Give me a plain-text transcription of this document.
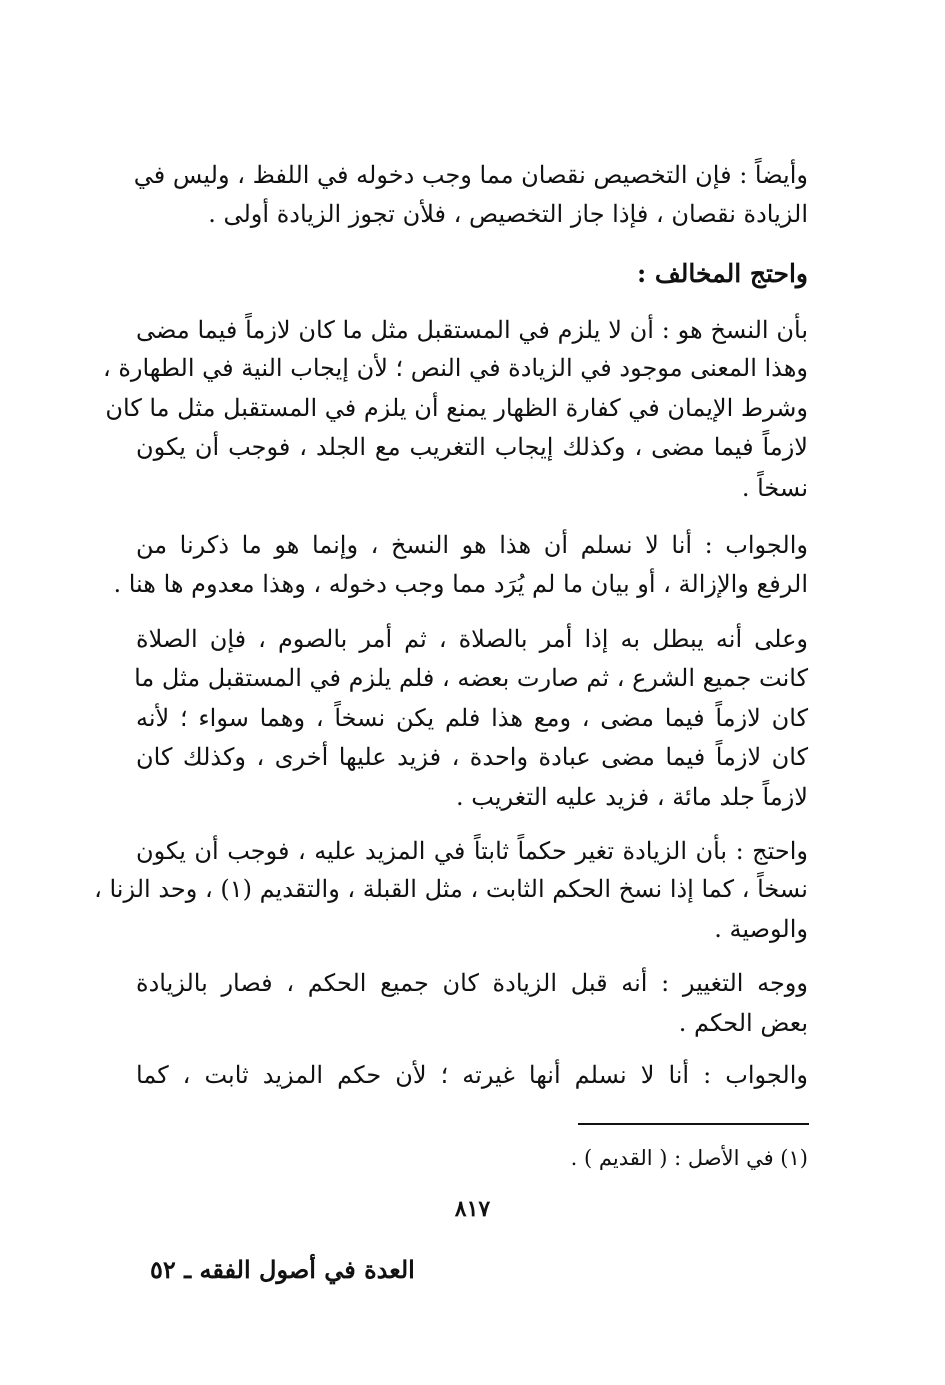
وأيضاً : فإن التخصيص نقصان مما وجب دخوله في اللفظ ، وليس في
الزيادة نقصان ، فإذا جاز التخصيص ، فلأن تجوز الزيادة أولى .
واحتج المخالف :
بأن النسخ هو : أن لا يلزم في المستقبل مثل ما كان لازماً فيما مضى
وهذا المعنى موجود في الزيادة في النص ؛ لأن إيجاب النية في الطهارة ،
وشرط الإيمان في كفارة الظهار يمنع أن يلزم في المستقبل مثل ما كان
لازماً فيما مضى ، وكذلك إيجاب التغريب مع الجلد ، فوجب أن يكون
نسخاً .
والجواب : أنا لا نسلم أن هذا هو النسخ ، وإنما هو ما ذكرنا من
الرفع والإزالة ، أو بيان ما لم يُرَد مما وجب دخوله ، وهذا معدوم ها هنا .
وعلى أنه يبطل به إذا أمر بالصلاة ، ثم أمر بالصوم ، فإن الصلاة
كانت جميع الشرع ، ثم صارت بعضه ، فلم يلزم في المستقبل مثل ما
كان لازماً فيما مضى ، ومع هذا فلم يكن نسخاً ، وهما سواء ؛ لأنه
كان لازماً فيما مضى عبادة واحدة ، فزيد عليها أخرى ، وكذلك كان
لازماً جلد مائة ، فزيد عليه التغريب .
واحتج : بأن الزيادة تغير حكماً ثابتاً في المزيد عليه ، فوجب أن يكون
نسخاً ، كما إذا نسخ الحكم الثابت ، مثل القبلة ، والتقديم (١) ، وحد الزنا ،
والوصية .
ووجه التغيير : أنه قبل الزيادة كان جميع الحكم ، فصار بالزيادة
بعض الحكم .
والجواب : أنا لا نسلم أنها غيرته ؛ لأن حكم المزيد ثابت ، كما
(١) في الأصل : ( القديم ) .
٨١٧
العدة في أصول الفقه ـ ٥٢
